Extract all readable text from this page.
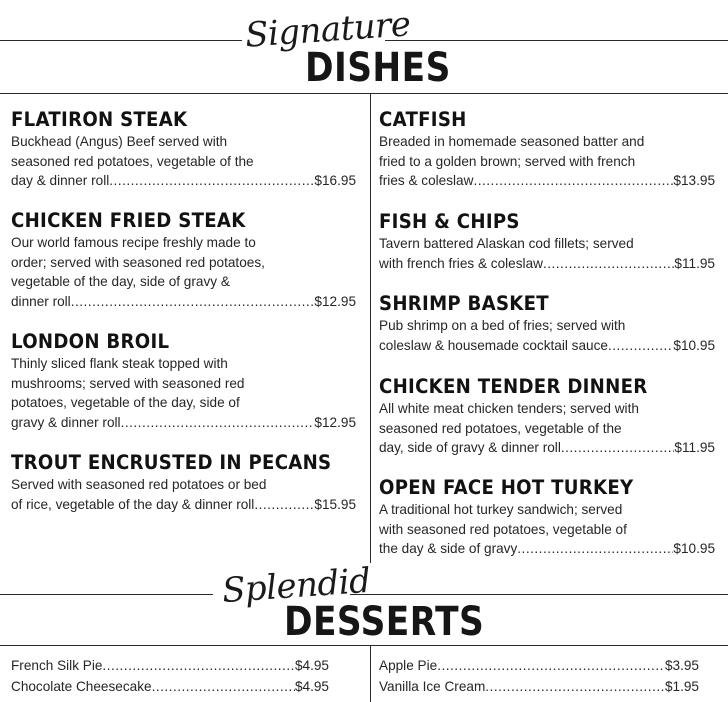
Signature
DISHES
FLATIRON STEAK
Buckhead (Angus) Beef served with
seasoned red potatoes, vegetable of the
day & dinner roll .....	$16.95
CHICKEN FRIED STEAK
Our world famous recipe freshly made to
order; served with seasoned red potatoes,
vegetable of the day, side of gravy &
dinner roll .....	$12.95
LONDON BROIL
Thinly sliced flank steak topped with
mushrooms; served with seasoned red
potatoes, vegetable of the day, side of
gravy & dinner roll .....	$12.95
TROUT ENCRUSTED IN PECANS
Served with seasoned red potatoes or bed
of rice, vegetable of the day & dinner roll .....	$15.95
CATFISH
Breaded in homemade seasoned batter and
fried to a golden brown; served with french
fries & coleslaw .....	$13.95
FISH & CHIPS
Tavern battered Alaskan cod fillets; served
with french fries & coleslaw .....	$11.95
SHRIMP BASKET
Pub shrimp on a bed of fries; served with
coleslaw & housemade cocktail sauce .....	$10.95
CHICKEN TENDER DINNER
All white meat chicken tenders; served with
seasoned red potatoes, vegetable of the
day, side of gravy & dinner roll .....	$11.95
OPEN FACE HOT TURKEY
A traditional hot turkey sandwich; served
with seasoned red potatoes, vegetable of
the day & side of gravy .....	$10.95
Splendid
DESSERTS
French Silk Pie .....	$4.95
Chocolate Cheesecake .....	$4.95
Apple Pie .....	$3.95
Vanilla Ice Cream .....	$1.95
